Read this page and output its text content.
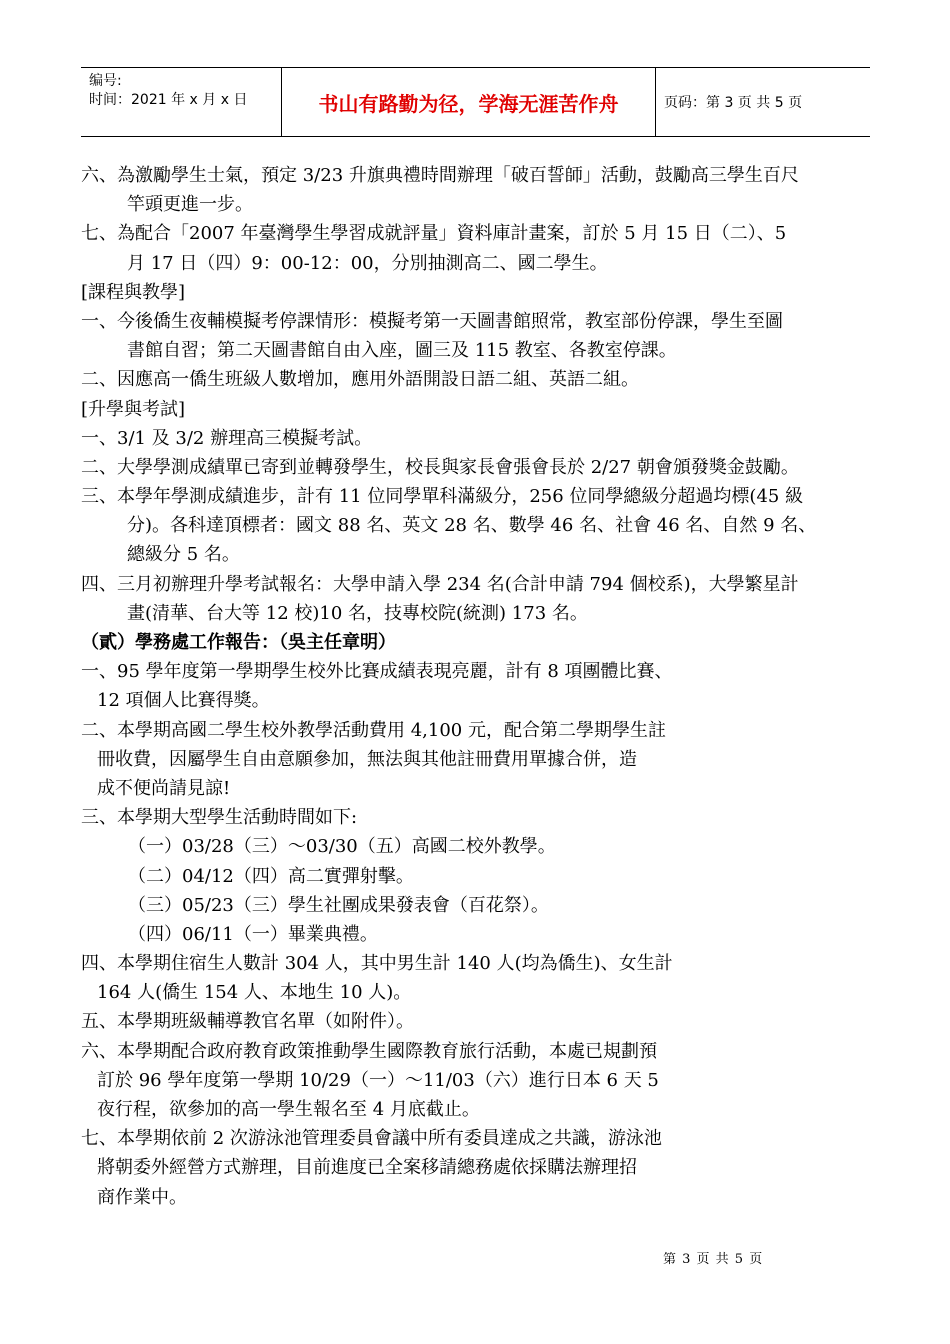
编号:
时间：2021 年 x 月 x 日	书山有路勤为径，学海无涯苦作舟	页码：第 3 页 共 5 页
六、為激勵學生士氣，預定 3/23 升旗典禮時間辦理「破百誓師」活動，鼓勵高三學生百尺
竿頭更進一步。
七、為配合「2007 年臺灣學生學習成就評量」資料庫計畫案，訂於 5 月 15 日（二）、5
月 17 日（四）9：00-12：00，分別抽測高二、國二學生。
[課程與教學]
一、今後僑生夜輔模擬考停課情形：模擬考第一天圖書館照常，教室部份停課，學生至圖
書館自習；第二天圖書館自由入座，圖三及 115 教室、各教室停課。
二、因應高一僑生班級人數增加，應用外語開設日語二組、英語二組。
[升學與考試]
一、3/1 及 3/2 辦理高三模擬考試。
二、大學學測成績單已寄到並轉發學生，校長與家長會張會長於 2/27 朝會頒發獎金鼓勵。
三、本學年學測成績進步，計有 11 位同學單科滿級分，256 位同學總級分超過均標(45 級
分)。各科達頂標者：國文 88 名、英文 28 名、數學 46 名、社會 46 名、自然 9 名、
總級分 5 名。
四、三月初辦理升學考試報名：大學申請入學 234 名(合計申請 794 個校系)，大學繁星計
畫(清華、台大等 12 校)10 名，技專校院(統測) 173 名。
（貳）學務處工作報告：（吳主任章明）
一、95 學年度第一學期學生校外比賽成績表現亮麗，計有 8 項團體比賽、
12 項個人比賽得獎。
二、本學期高國二學生校外教學活動費用 4,100 元，配合第二學期學生註
冊收費，因屬學生自由意願參加，無法與其他註冊費用單據合併，造
成不便尚請見諒!
三、本學期大型學生活動時間如下:
（一）03/28（三）～03/30（五）高國二校外教學。
（二）04/12（四）高二實彈射擊。
（三）05/23（三）學生社團成果發表會（百花祭）。
（四）06/11（一）畢業典禮。
四、本學期住宿生人數計 304 人，其中男生計 140 人(均為僑生)、女生計
164 人(僑生 154 人、本地生 10 人)。
五、本學期班級輔導教官名單（如附件）。
六、本學期配合政府教育政策推動學生國際教育旅行活動，本處已規劃預
訂於 96 學年度第一學期 10/29（一）～11/03（六）進行日本 6 天 5
夜行程，欲參加的高一學生報名至 4 月底截止。
七、本學期依前 2 次游泳池管理委員會議中所有委員達成之共識，游泳池
將朝委外經營方式辦理，目前進度已全案移請總務處依採購法辦理招
商作業中。
第 3 页 共 5 页
